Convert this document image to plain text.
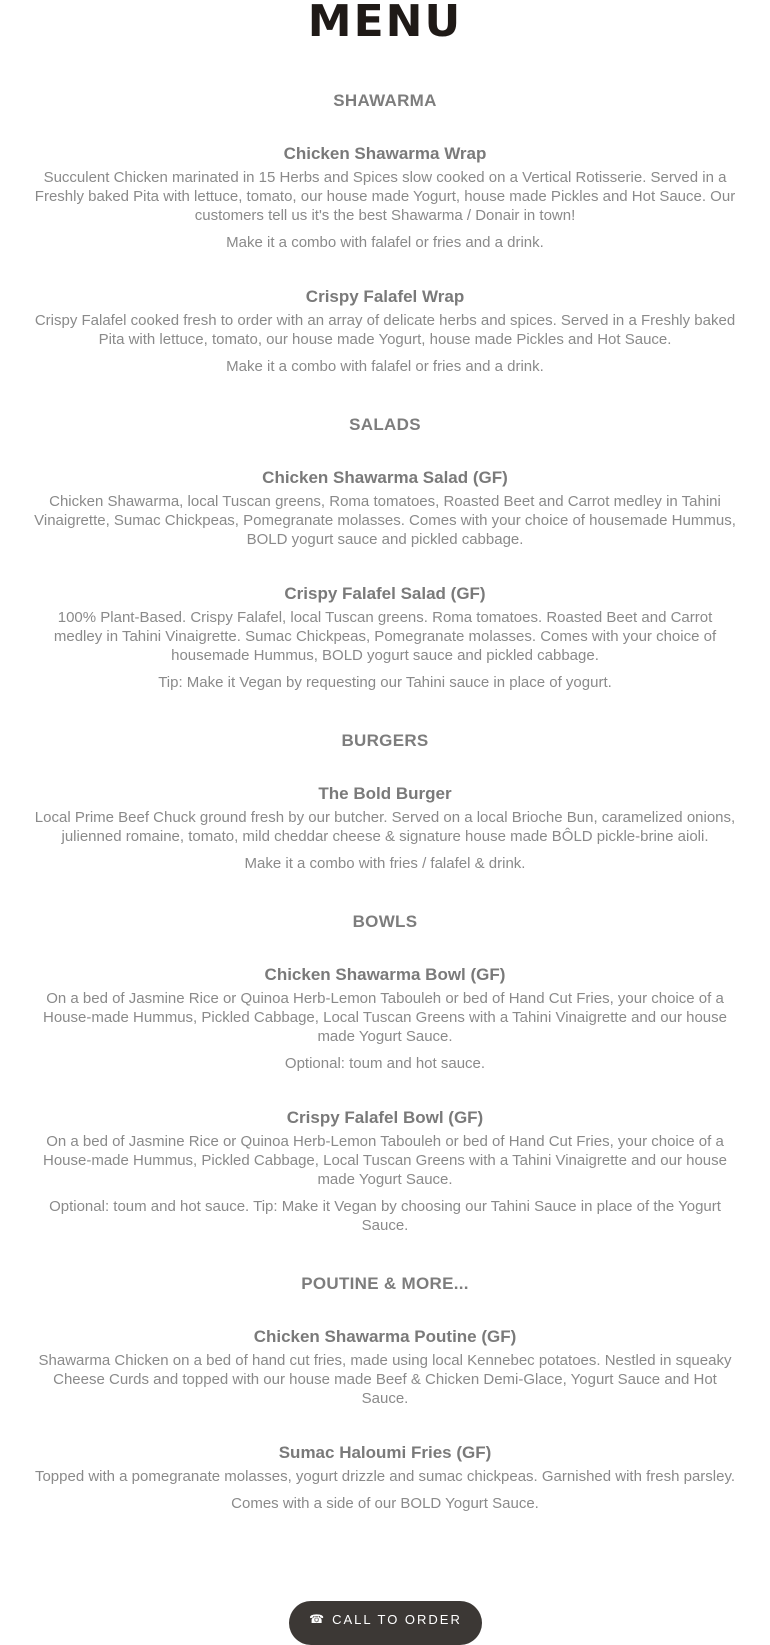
MENU
SHAWARMA
Chicken Shawarma Wrap

Succulent Chicken marinated in 15 Herbs and Spices slow cooked on a Vertical Rotisserie. Served in a Freshly baked Pita with lettuce, tomato, our house made Yogurt, house made Pickles and Hot Sauce. Our customers tell us it's the best Shawarma / Donair in town!

Make it a combo with falafel or fries and a drink.

Crispy Falafel Wrap

Crispy Falafel cooked fresh to order with an array of delicate herbs and spices. Served in a Freshly baked Pita with lettuce, tomato, our house made Yogurt, house made Pickles and Hot Sauce.

Make it a combo with falafel or fries and a drink.

SALADS
Chicken Shawarma Salad (GF)

Chicken Shawarma, local Tuscan greens, Roma tomatoes, Roasted Beet and Carrot medley in Tahini Vinaigrette, Sumac Chickpeas, Pomegranate molasses. Comes with your choice of housemade Hummus, BOLD yogurt sauce and pickled cabbage.

Crispy Falafel Salad (GF)

100% Plant-Based. Crispy Falafel, local Tuscan greens. Roma tomatoes. Roasted Beet and Carrot medley in Tahini Vinaigrette. Sumac Chickpeas, Pomegranate molasses. Comes with your choice of housemade Hummus, BOLD yogurt sauce and pickled cabbage.

Tip: Make it Vegan by requesting our Tahini sauce in place of yogurt.

BURGERS
The Bold Burger

Local Prime Beef Chuck ground fresh by our butcher. Served on a local Brioche Bun, caramelized onions, julienned romaine, tomato, mild cheddar cheese & signature house made BÔLD pickle-brine aioli.

Make it a combo with fries / falafel & drink.

BOWLS
Chicken Shawarma Bowl (GF)

On a bed of Jasmine Rice or Quinoa Herb-Lemon Tabouleh or bed of Hand Cut Fries, your choice of a House-made Hummus, Pickled Cabbage, Local Tuscan Greens with a Tahini Vinaigrette and our house made Yogurt Sauce.

Optional: toum and hot sauce.

Crispy Falafel Bowl (GF)

On a bed of Jasmine Rice or Quinoa Herb-Lemon Tabouleh or bed of Hand Cut Fries, your choice of a House-made Hummus, Pickled Cabbage, Local Tuscan Greens with a Tahini Vinaigrette and our house made Yogurt Sauce.

Optional: toum and hot sauce. Tip: Make it Vegan by choosing our Tahini Sauce in place of the Yogurt Sauce.

POUTINE & MORE...
Chicken Shawarma Poutine (GF)

Shawarma Chicken on a bed of hand cut fries, made using local Kennebec potatoes. Nestled in squeaky Cheese Curds and topped with our house made Beef & Chicken Demi-Glace, Yogurt Sauce and Hot Sauce.

Sumac Haloumi Fries (GF)

Topped with a pomegranate molasses, yogurt drizzle and sumac chickpeas. Garnished with fresh parsley.

Comes with a side of our BOLD Yogurt Sauce.

☎ CALL TO ORDER
